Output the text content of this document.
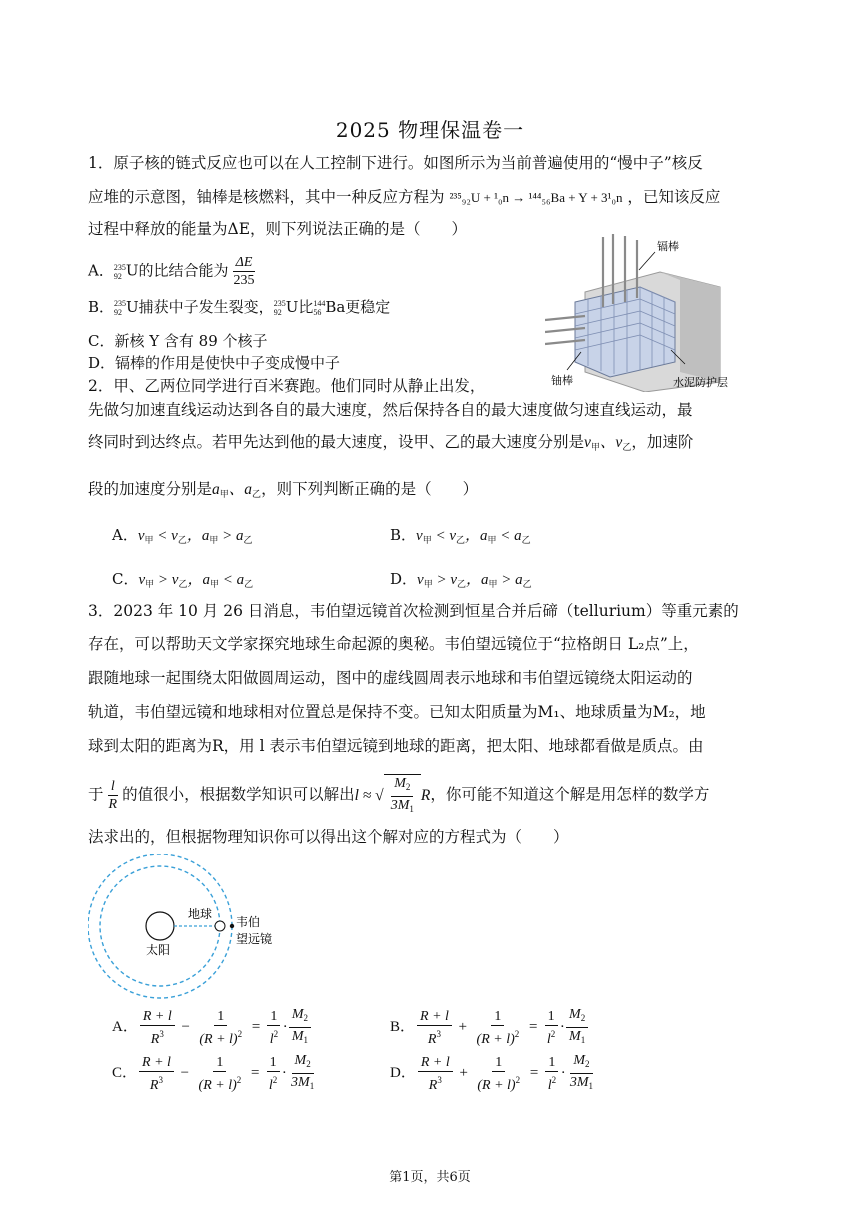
2025 物理保温卷一
1．原子核的链式反应也可以在人工控制下进行。如图所示为当前普遍使用的“慢中子”核反
应堆的示意图，铀棒是核燃料，其中一种反应方程为 ²³⁵₉₂U + ¹₀n → ¹⁴⁴₅₆Ba + Y + 3¹₀n ，已知该反应
过程中释放的能量为ΔE，则下列说法正确的是（　　）
A． 235
92 U的比结合能为 $\frac{\Delta E}{235}$
B． 235
92 U捕获中子发生裂变， 235
92 U比 144
56 Ba更稳定
C．新核 Y 含有 89 个核子
D．镉棒的作用是使快中子变成慢中子
镉棒
铀棒	水泥防护层
2．甲、乙两位同学进行百米赛跑。他们同时从静止出发，
先做匀加速直线运动达到各自的最大速度，然后保持各自的最大速度做匀速直线运动，最
终同时到达终点。若甲先达到他的最大速度，设甲、乙的最大速度分别是$v_甲$、$v_乙$，加速阶
段的加速度分别是$a_甲$、$a_乙$，则下列判断正确的是（　　）
A．$v_甲 < v_乙$，$a_甲 > a_乙$	B．$v_甲 < v_乙$，$a_甲 < a_乙$
C．$v_甲 > v_乙$，$a_甲 < a_乙$	D．$v_甲 > v_乙$，$a_甲 > a_乙$
3．2023 年 10 月 26 日消息，韦伯望远镜首次检测到恒星合并后碲（tellurium）等重元素的
存在，可以帮助天文学家探究地球生命起源的奥秘。韦伯望远镜位于“拉格朗日 L₂点”上，
跟随地球一起围绕太阳做圆周运动，图中的虚线圆周表示地球和韦伯望远镜绕太阳运动的
轨道，韦伯望远镜和地球相对位置总是保持不变。已知太阳质量为M₁、地球质量为M₂，地
球到太阳的距离为R，用 l 表示韦伯望远镜到地球的距离，把太阳、地球都看做是质点。由
于 $\frac{l}{R}$ 的值很小，根据数学知识可以解出l ≈ √ $\frac{M_2}{3M_1}$ R，你可能不知道这个解是用怎样的数学方
法求出的，但根据物理知识你可以得出这个解对应的方程式为（　　）
地球
太阳
韦伯
望远镜
A． $\frac{R + l}{R^3} - \frac{1}{(R + l)^2} = \frac{1}{l^2} \cdot \frac{M_2}{M_1}$	B． $\frac{R + l}{R^3} + \frac{1}{(R + l)^2} = \frac{1}{l^2} \cdot \frac{M_2}{M_1}$
C． $\frac{R + l}{R^3} - \frac{1}{(R + l)^2} = \frac{1}{l^2} \cdot \frac{M_2}{3M_1}$	D． $\frac{R + l}{R^3} + \frac{1}{(R + l)^2} = \frac{1}{l^2} \cdot \frac{M_2}{3M_1}$
第1页，共6页
